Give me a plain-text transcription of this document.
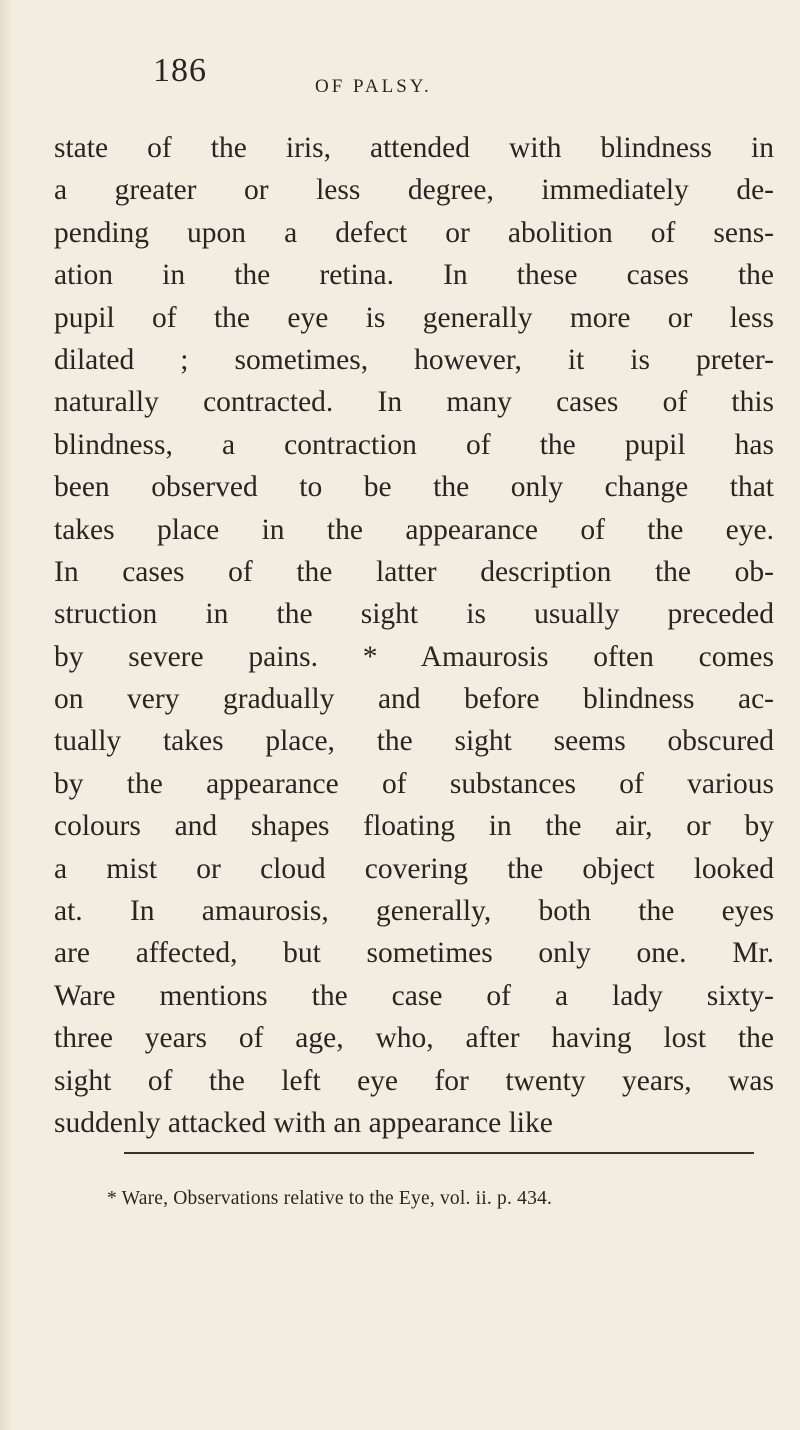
186	OF PALSY.
state of the iris, attended with blindness in
a greater or less degree, immediately de-
pending upon a defect or abolition of sens-
ation in the retina. In these cases the
pupil of the eye is generally more or less
dilated ; sometimes, however, it is preter-
naturally contracted. In many cases of this
blindness, a contraction of the pupil has
been observed to be the only change that
takes place in the appearance of the eye.
In cases of the latter description the ob-
struction in the sight is usually preceded
by severe pains. * Amaurosis often comes
on very gradually and before blindness ac-
tually takes place, the sight seems obscured
by the appearance of substances of various
colours and shapes floating in the air, or by
a mist or cloud covering the object looked
at. In amaurosis, generally, both the eyes
are affected, but sometimes only one. Mr.
Ware mentions the case of a lady sixty-
three years of age, who, after having lost the
sight of the left eye for twenty years, was
suddenly attacked with an appearance like
* Ware, Observations relative to the Eye, vol. ii. p. 434.
